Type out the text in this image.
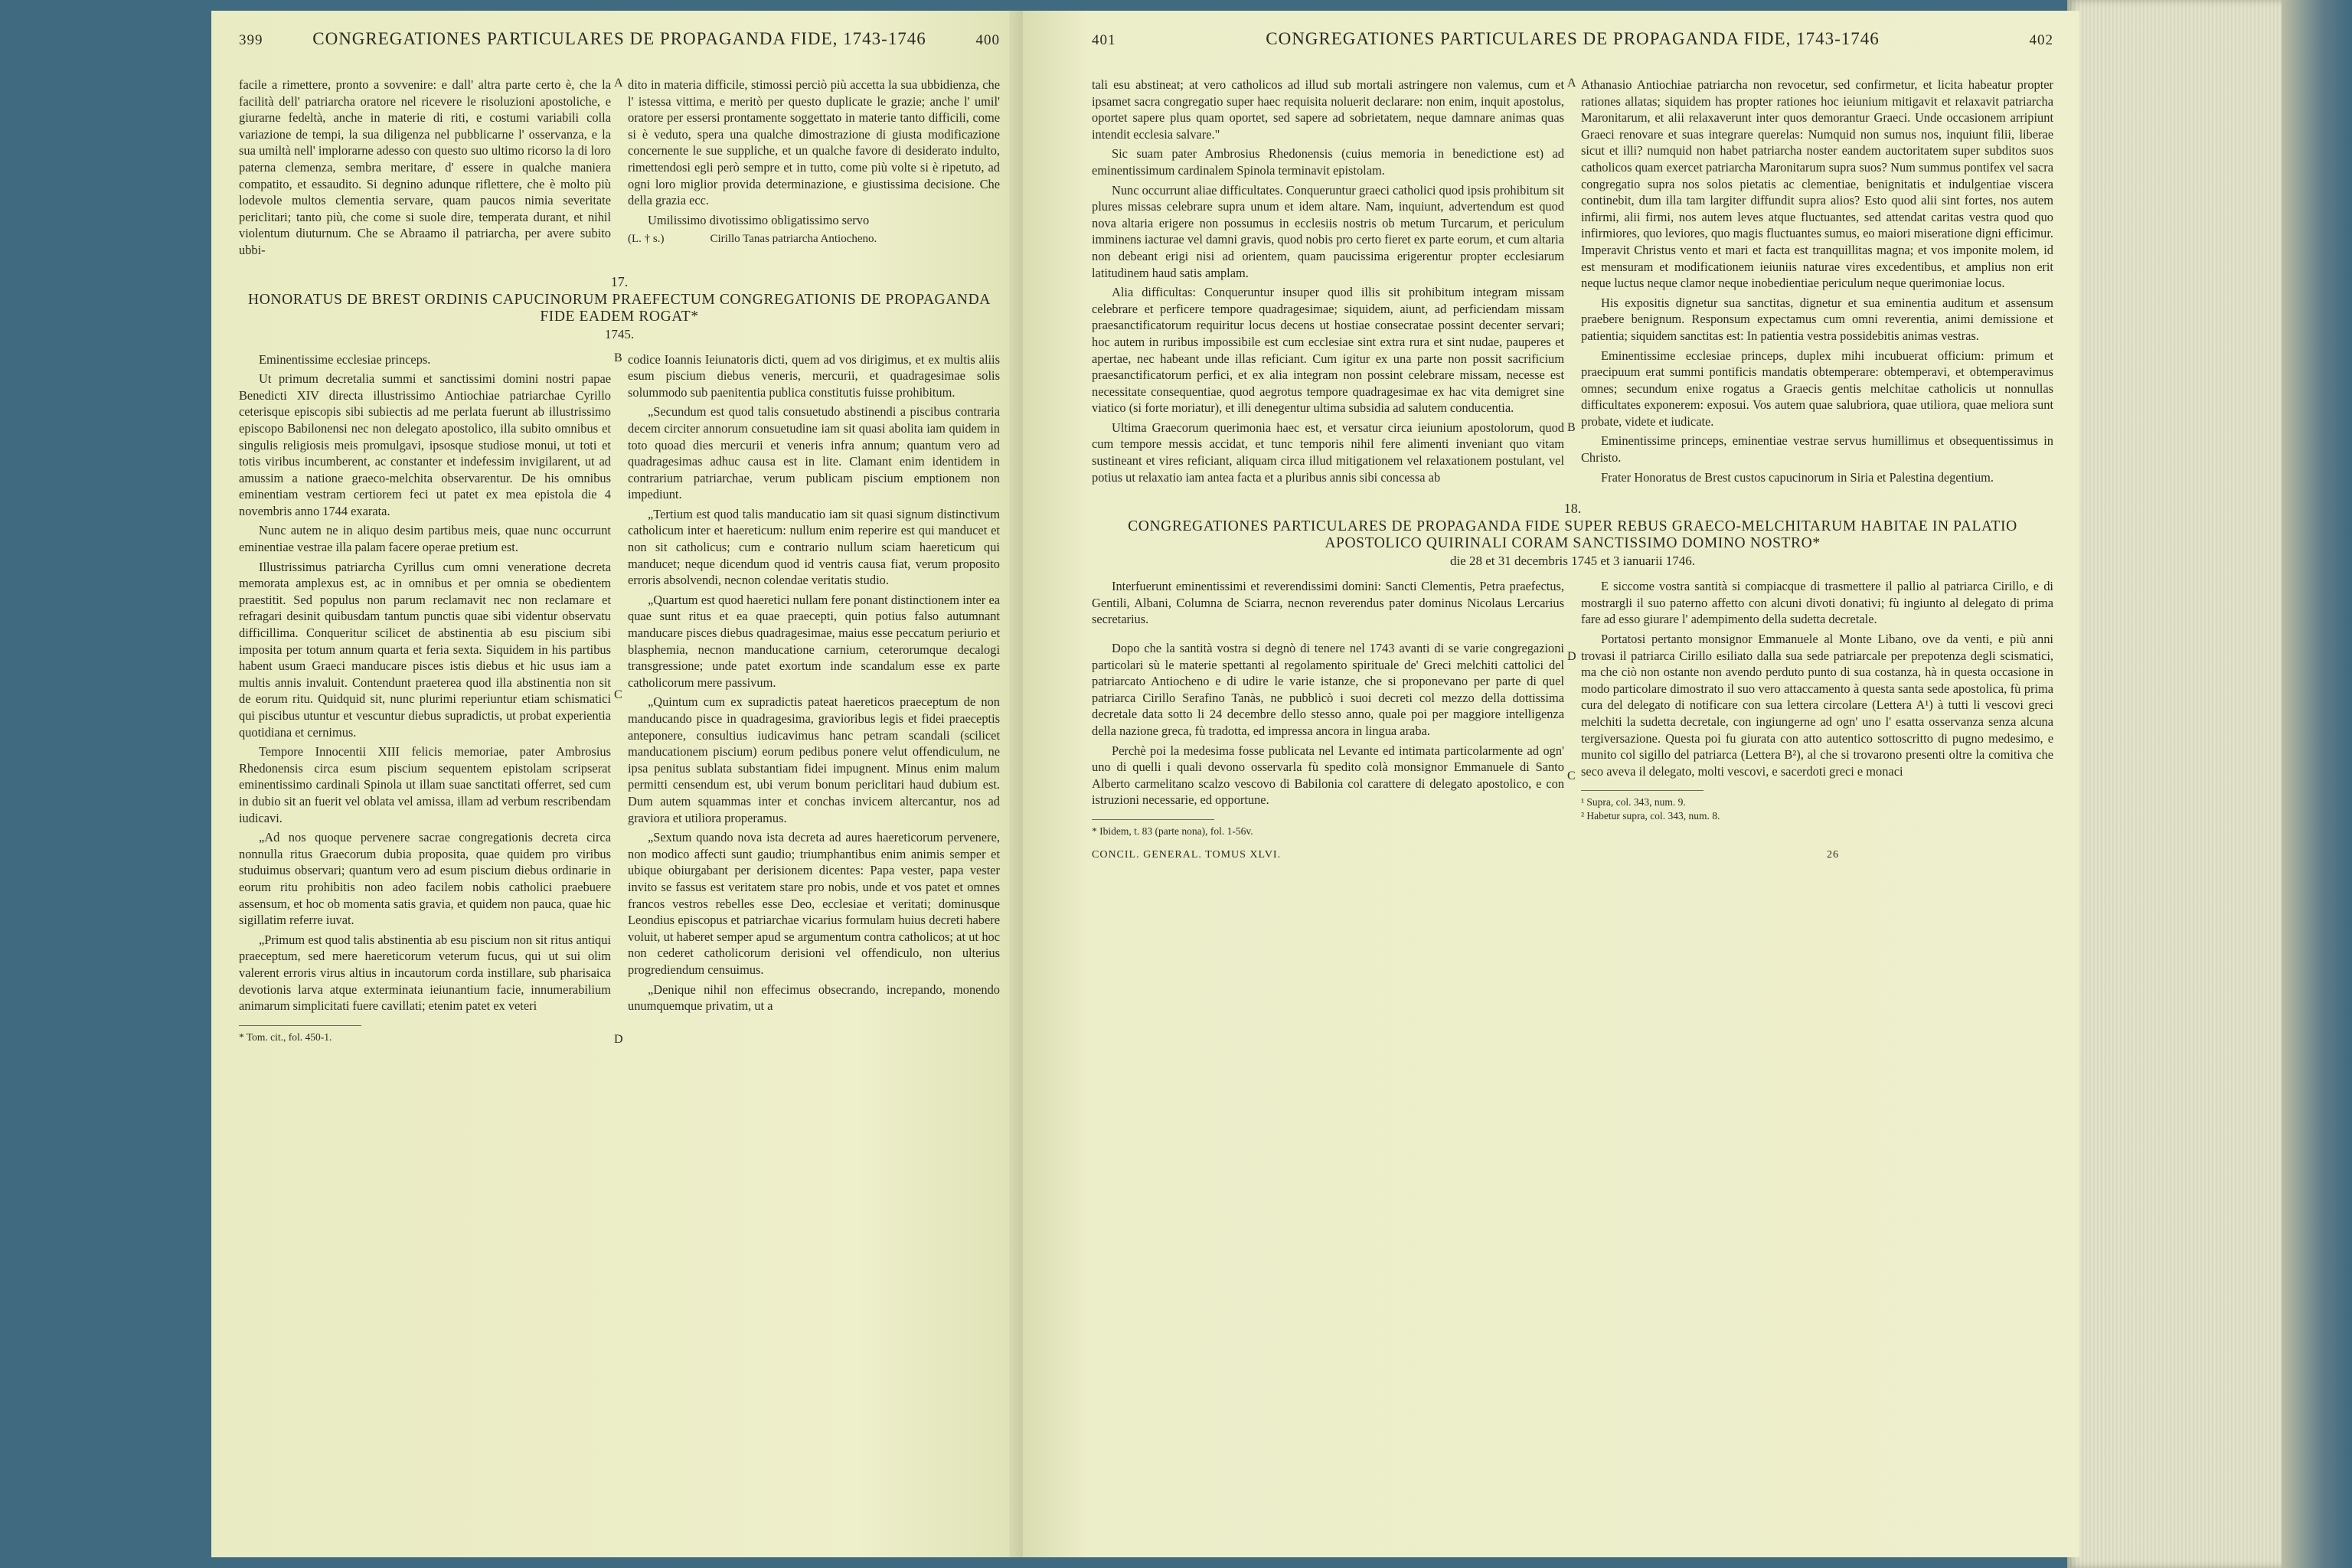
399	CONGREGATIONES PARTICULARES DE PROPAGANDA FIDE, 1743-1746	400

facile a rimettere, pronto a sovvenire: e dall' altra parte certo è, che la facilità dell' patriarcha oratore nel ricevere le risoluzioni apostoliche, e giurarne fedeltà, anche in materie di riti, e costumi variabili colla variazione de tempi, la sua diligenza nel pubblicarne l' osservanza, e la sua umiltà nell' implorarne adesso con questo suo ultimo ricorso la di loro paterna clemenza, sembra meritare, d' essere in qualche maniera compatito, et essaudito. Si degnino adunque riflettere, che è molto più lodevole multos clementia servare, quam paucos nimia severitate periclitari; tanto più, che come si suole dire, temperata durant, et nihil violentum diuturnum. Che se Abraamo il patriarcha, per avere subito ubbi-

A dito in materia difficile, stimossi perciò più accetta la sua ubbidienza, che l' istessa vittima, e meritò per questo duplicate le grazie; anche l' umil' oratore per essersi prontamente soggettato in materie tanto difficili, come si è veduto, spera una qualche dimostrazione di giusta modificazione concernente le sue suppliche, et un qualche favore di desiderato indulto, rimettendosi egli però sempre et in tutto, come più volte si è ripetuto, ad ogni loro miglior provida determinazione, e giustissima decisione. Che della grazia ecc.

Umilissimo divotissimo obligatissimo servo

(L. † s.)	Cirillo Tanas patriarcha Antiocheno.
17.
HONORATUS DE BREST ORDINIS CAPUCINORUM PRAEFECTUM CONGREGATIONIS DE PROPAGANDA FIDE EADEM ROGAT*
1745.

Eminentissime ecclesiae princeps.

Ut primum decretalia summi et sanctissimi domini nostri papae Benedicti XIV directa illustrissimo Antiochiae patriarchae Cyrillo ceterisque episcopis sibi subiectis ad me perlata fuerunt ab illustrissimo episcopo Babilonensi nec non delegato apostolico, illa subito omnibus et singulis religiosis meis promulgavi, ipsosque studiose monui, ut toti et totis viribus incumberent, ac constanter et indefessim invigilarent, ut ad amussim a natione graeco-melchita observarentur. De his omnibus eminentiam vestram certiorem feci ut patet ex mea epistola die 4 novembris anno 1744 exarata.

Nunc autem ne in aliquo desim partibus meis, quae nunc occurrunt eminentiae vestrae illa palam facere operae pretium est.

Illustrissimus patriarcha Cyrillus cum omni veneratione decreta memorata amplexus est, ac in omnibus et per omnia se obedientem praestitit. Sed populus non parum reclamavit nec non reclamare et refragari desinit quibusdam tantum punctis quae sibi videntur observatu difficillima. Conqueritur scilicet de abstinentia ab esu piscium sibi imposita per totum annum quarta et feria sexta. Siquidem in his partibus habent usum Graeci manducare pisces istis diebus et hic usus iam a multis annis invaluit. Contendunt praeterea quod illa abstinentia non sit de eorum ritu. Quidquid sit, nunc plurimi reperiuntur etiam schismatici qui piscibus utuntur et vescuntur diebus supradictis, ut probat experientia quotidiana et cernimus.

Tempore Innocentii XIII felicis memoriae, pater Ambrosius Rhedonensis circa esum piscium sequentem epistolam scripserat eminentissimo cardinali Spinola ut illam suae sanctitati offerret, sed cum in dubio sit an fuerit vel oblata vel amissa, illam ad verbum rescribendam iudicavi.

„Ad nos quoque pervenere sacrae congregationis decreta circa nonnulla ritus Graecorum dubia proposita, quae quidem pro viribus studuimus observari; quantum vero ad esum piscium diebus ordinarie in eorum ritu prohibitis non adeo facilem nobis catholici praebuere assensum, et hoc ob momenta satis gravia, et quidem non pauca, quae hic sigillatim referre iuvat.

„Primum est quod talis abstinentia ab esu piscium non sit ritus antiqui praeceptum, sed mere haereticorum veterum fucus, qui ut sui olim valerent erroris virus altius in incautorum corda instillare, sub pharisaica devotionis larva atque exterminata ieiunantium facie, innumerabilium animarum simplicitati fuere cavillati; etenim patet ex veteri

* Tom. cit., fol. 450-1.
B
C
D

codice Ioannis Ieiunatoris dicti, quem ad vos dirigimus, et ex multis aliis esum piscium diebus veneris, mercurii, et quadragesimae solis solummodo sub paenitentia publica constitutis fuisse prohibitum.

„Secundum est quod talis consuetudo abstinendi a piscibus contraria decem circiter annorum consuetudine iam sit quasi abolita iam quidem in toto quoad dies mercurii et veneris infra annum; quantum vero ad quadragesimas adhuc causa est in lite. Clamant enim identidem in contrarium patriarchae, verum publicam piscium emptionem non impediunt.

„Tertium est quod talis manducatio iam sit quasi signum distinctivum catholicum inter et haereticum: nullum enim reperire est qui manducet et non sit catholicus; cum e contrario nullum sciam haereticum qui manducet; neque dicendum quod id ventris causa fiat, verum proposito erroris absolvendi, necnon colendae veritatis studio.

„Quartum est quod haeretici nullam fere ponant distinctionem inter ea quae sunt ritus et ea quae praecepti, quin potius falso autumnant manducare pisces diebus quadragesimae, maius esse peccatum periurio et blasphemia, necnon manducatione carnium, ceterorumque decalogi transgressione; unde patet exortum inde scandalum esse ex parte catholicorum mere passivum.

„Quintum cum ex supradictis pateat haereticos praeceptum de non manducando pisce in quadragesima, gravioribus legis et fidei praeceptis anteponere, consultius iudicavimus hanc petram scandali (scilicet manducationem piscium) eorum pedibus ponere velut offendiculum, ne ipsa penitus sublata substantiam fidei impugnent. Minus enim malum permitti censendum est, ubi verum bonum periclitari haud dubium est. Dum autem squammas inter et conchas invicem altercantur, nos ad graviora et utiliora properamus.

„Sextum quando nova ista decreta ad aures haereticorum pervenere, non modico affecti sunt gaudio; triumphantibus enim animis semper et ubique obiurgabant per derisionem dicentes: Papa vester, papa vester invito se fassus est veritatem stare pro nobis, unde et vos patet et omnes francos vestros rebelles esse Deo, ecclesiae et veritati; dominusque Leondius episcopus et patriarchae vicarius formulam huius decreti habere voluit, ut haberet semper apud se argumentum contra catholicos; at ut hoc non cederet catholicorum derisioni vel offendiculo, non ulterius progrediendum censuimus.

„Denique nihil non effecimus obsecrando, increpando, monendo unumquemque privatim, ut a

401	CONGREGATIONES PARTICULARES DE PROPAGANDA FIDE, 1743-1746	402

tali esu abstineat; at vero catholicos ad illud sub mortali astringere non valemus, cum et ipsamet sacra congregatio super haec requisita noluerit declarare: non enim, inquit apostolus, oportet sapere plus quam oportet, sed sapere ad sobrietatem, neque damnare animas quas intendit ecclesia salvare."

Sic suam pater Ambrosius Rhedonensis (cuius memoria in benedictione est) ad eminentissimum cardinalem Spinola terminavit epistolam.

Nunc occurrunt aliae difficultates. Conqueruntur graeci catholici quod ipsis prohibitum sit plures missas celebrare supra unum et idem altare. Nam, inquiunt, advertendum est quod nova altaria erigere non possumus in ecclesiis nostris ob metum Turcarum, et periculum imminens iacturae vel damni gravis, quod nobis pro certo fieret ex parte eorum, et cum altaria non debeant erigi nisi ad orientem, quam paucissima erigerentur propter ecclesiarum latitudinem haud satis amplam.

Alia difficultas: Conqueruntur insuper quod illis sit prohibitum integram missam celebrare et perficere tempore quadragesimae; siquidem, aiunt, ad perficiendam missam praesanctificatorum requiritur locus decens ut hostiae consecratae possint decenter servari; hoc autem in ruribus impossibile est cum ecclesiae sint extra rura et sint nudae, pauperes et apertae, nec habeant unde illas reficiant. Cum igitur ex una parte non possit sacrificium praesanctificatorum perfici, et ex alia integram non possint celebrare missam, necesse est necessitate consequentiae, quod aegrotus tempore quadragesimae ex hac vita demigret sine viatico (si forte moriatur), et illi denegentur ultima subsidia ad salutem conducentia.

Ultima Graecorum querimonia haec est, et versatur circa ieiunium apostolorum, quod cum tempore messis accidat, et tunc temporis nihil fere alimenti inveniant quo vitam sustineant et vires reficiant, aliquam circa illud mitigationem vel relaxationem postulant, vel potius ut relaxatio iam antea facta et a pluribus annis sibi concessa ab

A
B
C

Athanasio Antiochiae patriarcha non revocetur, sed confirmetur, et licita habeatur propter rationes allatas; siquidem has propter rationes hoc ieiunium mitigavit et relaxavit patriarcha Maronitarum, et alii relaxaverunt inter quos demorantur Graeci. Unde occasionem arripiunt Graeci renovare et suas integrare querelas: Numquid non sumus nos, inquiunt filii, liberae sicut et illi? numquid non habet patriarcha noster eandem auctoritatem super subditos suos catholicos quam exercet patriarcha Maronitarum supra suos? Num summus pontifex vel sacra congregatio supra nos solos pietatis ac clementiae, benignitatis et indulgentiae viscera continebit, dum illa tam largiter diffundit supra alios? Esto quod alii sint fortes, nos autem infirmi, alii firmi, nos autem leves atque fluctuantes, sed attendat caritas vestra quod quo infirmiores, quo leviores, quo magis fluctuantes sumus, eo maiori miseratione digni efficimur. Imperavit Christus vento et mari et facta est tranquillitas magna; et vos imponite molem, id est mensuram et modificationem ieiuniis naturae vires excedentibus, et amplius non erit neque luctus neque clamor neque inobedientiae periculum neque querimoniae locus.

His expositis dignetur sua sanctitas, dignetur et sua eminentia auditum et assensum praebere benignum. Responsum expectamus cum omni reverentia, animi demissione et patientia; siquidem sanctitas est: In patientia vestra possidebitis animas vestras.

Eminentissime ecclesiae princeps, duplex mihi incubuerat officium: primum et praecipuum erat summi pontificis mandatis obtemperare: obtemperavi, et obtemperavimus omnes; secundum enixe rogatus a Graecis gentis melchitae catholicis ut nonnullas difficultates exponerem: exposui. Vos autem quae salubriora, quae utiliora, quae meliora sunt probate, videte et iudicate.

Eminentissime princeps, eminentiae vestrae servus humillimus et obsequentissimus in Christo.

Frater Honoratus de Brest custos capucinorum in Siria et Palestina degentium.

18.
CONGREGATIONES PARTICULARES DE PROPAGANDA FIDE SUPER REBUS GRAECO-MELCHITARUM HABITAE IN PALATIO APOSTOLICO QUIRINALI CORAM SANCTISSIMO DOMINO NOSTRO*
die 28 et 31 decembris 1745 et 3 ianuarii 1746.

Interfuerunt eminentissimi et reverendissimi domini: Sancti Clementis, Petra praefectus, Gentili, Albani, Columna de Sciarra, necnon reverendus pater dominus Nicolaus Lercarius secretarius.

Dopo che la santità vostra si degnò di tenere nel 1743 avanti di se varie congregazioni particolari sù le materie spettanti al regolamento spirituale de' Greci melchiti cattolici del patriarcato Antiocheno e di udire le varie istanze, che si proponevano per parte di quel patriarca Cirillo Serafino Tanàs, ne pubblicò i suoi decreti col mezzo della dottissima decretale data sotto li 24 decembre dello stesso anno, quale poi per maggiore intelligenza della nazione greca, fù tradotta, ed impressa ancora in lingua araba.

Perchè poi la medesima fosse publicata nel Levante ed intimata particolarmente ad ogn' uno di quelli i quali devono osservarla fù spedito colà monsignor Emmanuele di Santo Alberto carmelitano scalzo vescovo di Babilonia col carattere di delegato apostolico, e con istruzioni necessarie, ed opportune.

* Ibidem, t. 83 (parte nona), fol. 1-56v.
D

E siccome vostra santità si compiacque di trasmettere il pallio al patriarca Cirillo, e di mostrargli il suo paterno affetto con alcuni divoti donativi; fù ingiunto al delegato di prima fare ad esso giurare l' adempimento della sudetta decretale.

Portatosi pertanto monsignor Emmanuele al Monte Libano, ove da venti, e più anni trovasi il patriarca Cirillo esiliato dalla sua sede patriarcale per prepotenza degli scismatici, ma che ciò non ostante non avendo perduto punto di sua costanza, hà in questa occasione in modo particolare dimostrato il suo vero attaccamento à questa santa sede apostolica, fù prima cura del delegato di notificare con sua lettera circolare (Lettera A¹) à tutti li vescovi greci melchiti la sudetta decretale, con ingiungerne ad ogn' uno l' esatta osservanza senza alcuna tergiversazione. Questa poi fu giurata con atto autentico sottoscritto di pugno medesimo, e munito col sigillo del patriarca (Lettera B²), al che si trovarono presenti oltre la comitiva che seco aveva il delegato, molti vescovi, e sacerdoti greci e monaci

¹ Supra, col. 343, num. 9.
² Habetur supra, col. 343, num. 8.
CONCIL. GENERAL. TOMUS XLVI.	26
